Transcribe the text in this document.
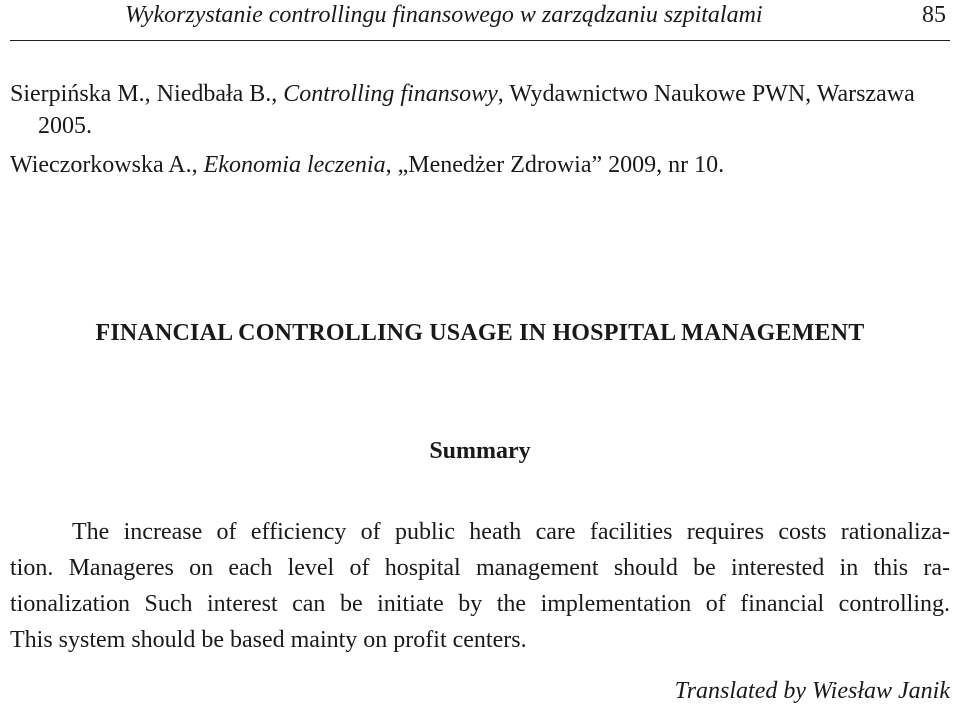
Wykorzystanie controllingu finansowego w zarządzaniu szpitalami	85

Sierpińska M., Niedbała B., Controlling finansowy, Wydawnictwo Naukowe PWN, Warszawa 2005.

Wieczorkowska A., Ekonomia leczenia, „Menedżer Zdrowia” 2009, nr 10.

FINANCIAL CONTROLLING USAGE IN HOSPITAL MANAGEMENT
Summary
The increase of efficiency of public heath care facilities requires costs rationaliza-
tion. Manageres on each level of hospital management should be interested in this ra-
tionalization Such interest can be initiate by the implementation of financial controlling.
This system should be based mainty on profit centers.
Translated by Wiesław Janik
